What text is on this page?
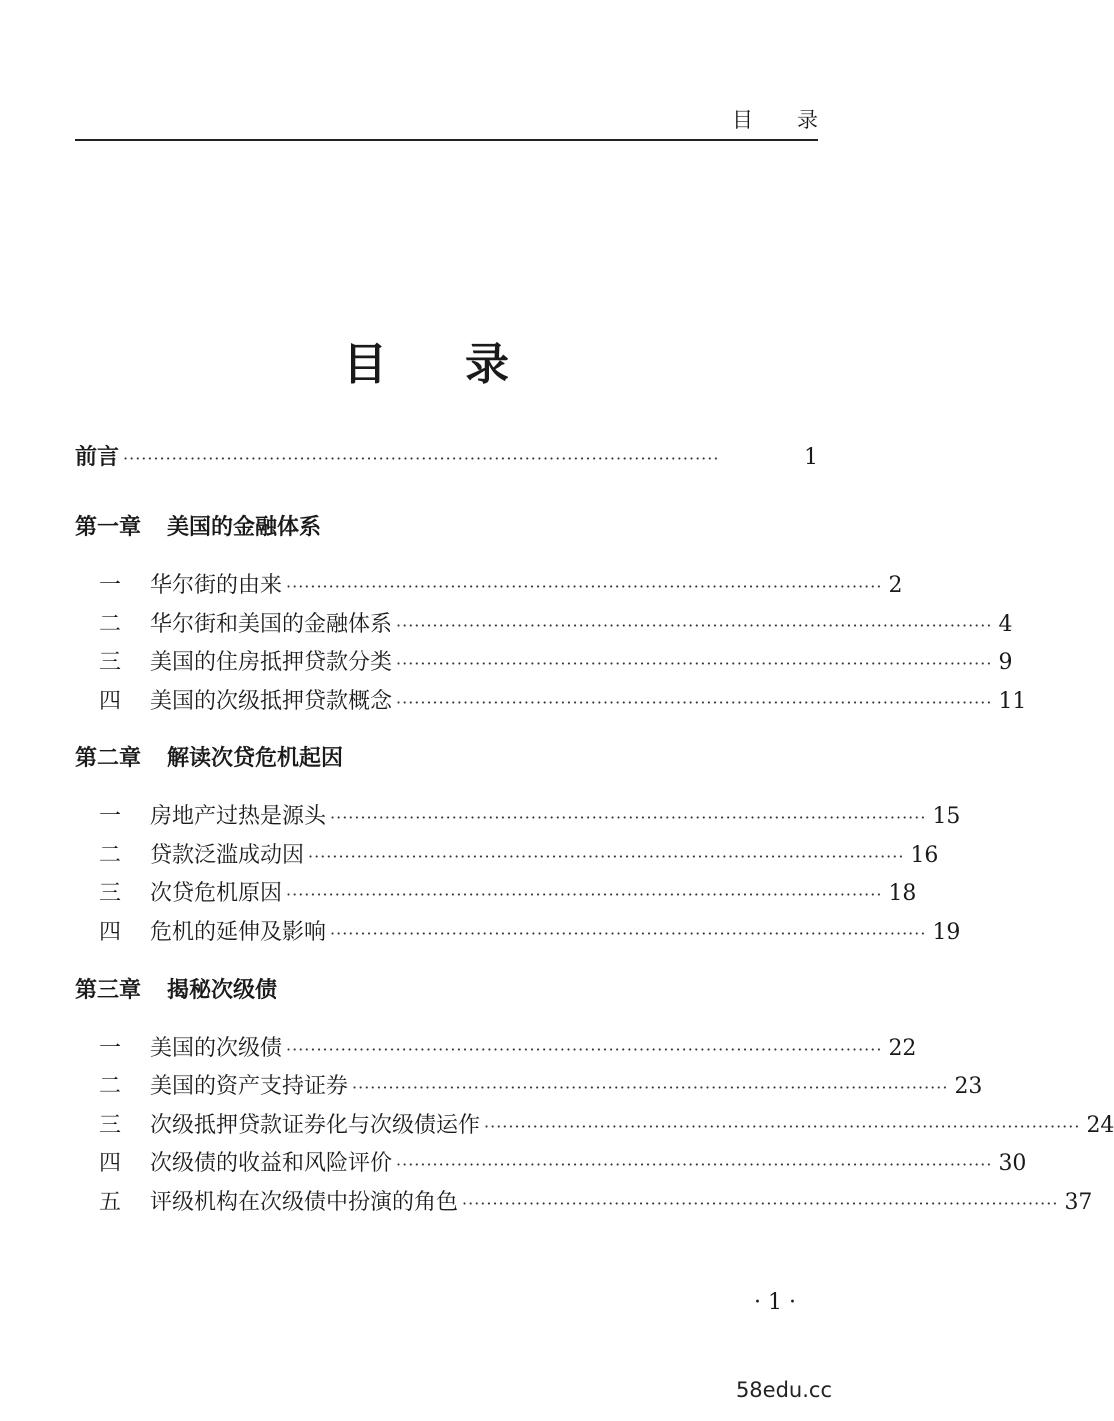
目 录
目 录
前言 ··································································································	1
第一章 美国的金融体系
一 华尔街的由来 ·································································································· 2
二 华尔街和美国的金融体系 ·································································································· 4
三 美国的住房抵押贷款分类 ·································································································· 9
四 美国的次级抵押贷款概念 ·································································································· 11
第二章 解读次贷危机起因
一 房地产过热是源头 ·································································································· 15
二 贷款泛滥成动因 ·································································································· 16
三 次贷危机原因 ·································································································· 18
四 危机的延伸及影响 ·································································································· 19
第三章 揭秘次级债
一 美国的次级债 ·································································································· 22
二 美国的资产支持证券 ·································································································· 23
三 次级抵押贷款证券化与次级债运作 ·································································································· 24
四 次级债的收益和风险评价 ·································································································· 30
五 评级机构在次级债中扮演的角色 ·································································································· 37
· 1 ·
58edu.cc
